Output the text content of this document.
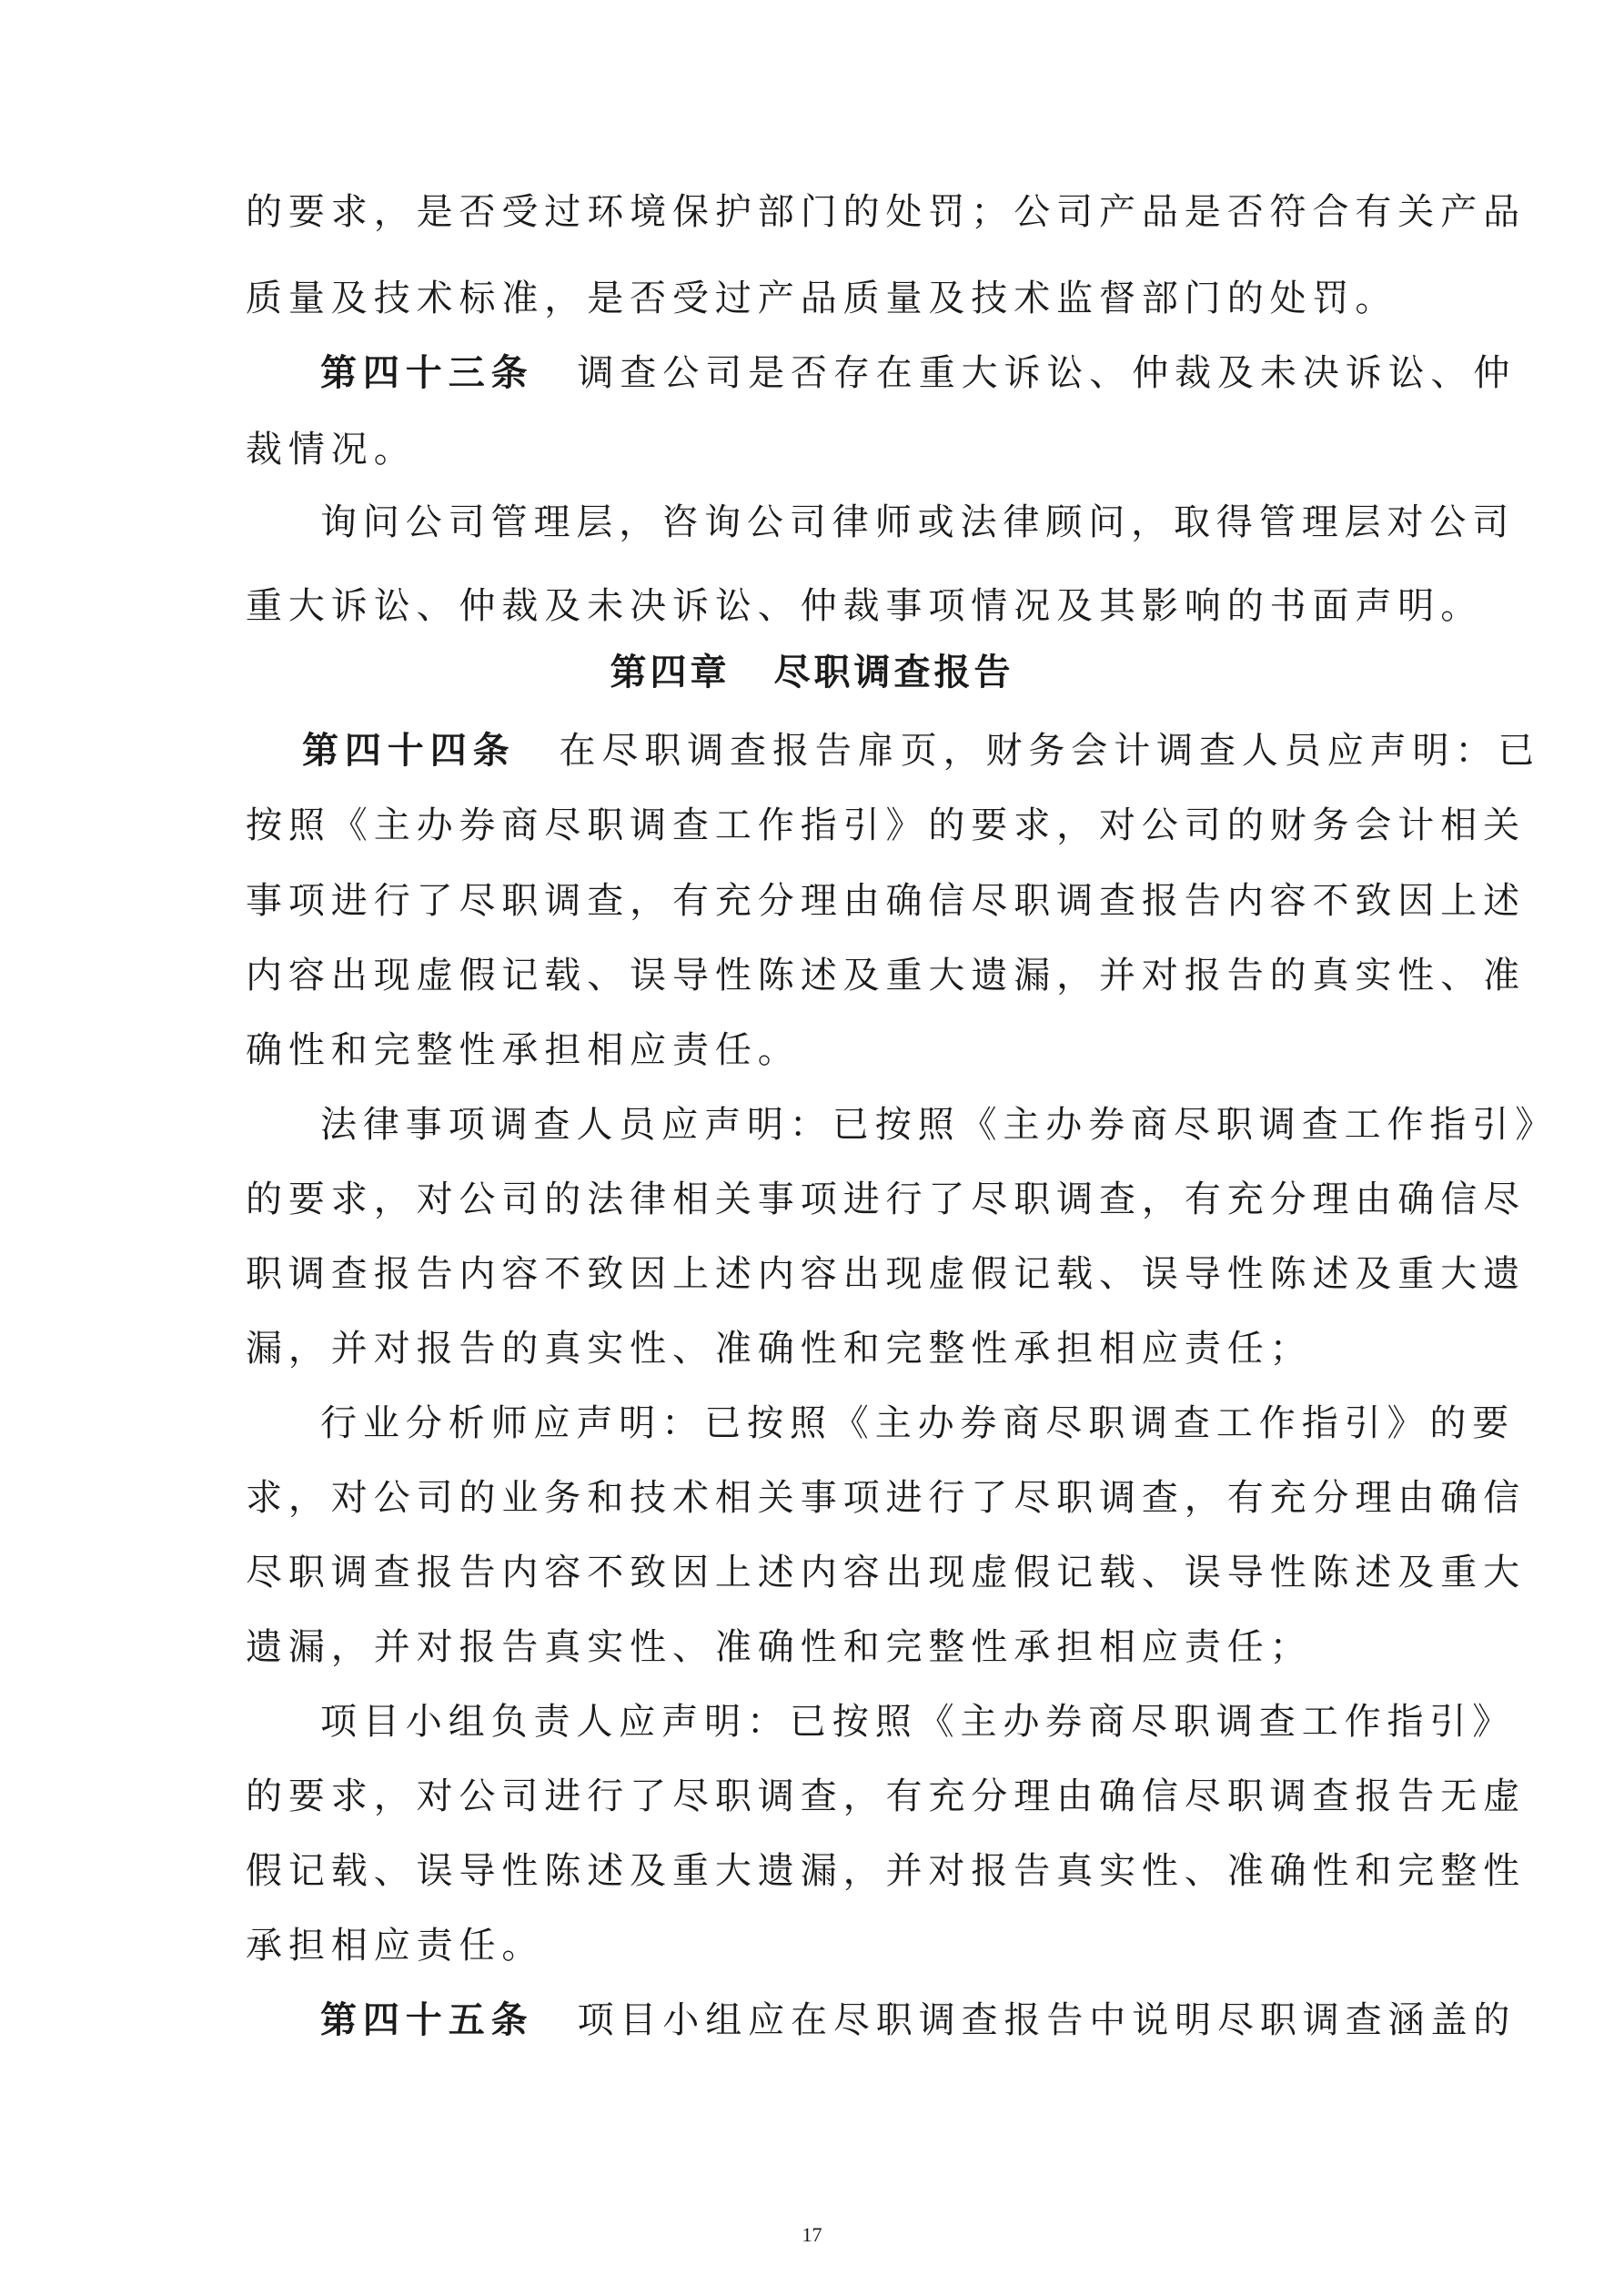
的要求，是否受过环境保护部门的处罚；公司产品是否符合有关产品
质量及技术标准，是否受过产品质量及技术监督部门的处罚。
第四十三条 调查公司是否存在重大诉讼、仲裁及未决诉讼、仲
裁情况。
询问公司管理层，咨询公司律师或法律顾问，取得管理层对公司
重大诉讼、仲裁及未决诉讼、仲裁事项情况及其影响的书面声明。
第四章 尽职调查报告
第四十四条 在尽职调查报告扉页，财务会计调查人员应声明：已
按照《主办券商尽职调查工作指引》的要求，对公司的财务会计相关
事项进行了尽职调查，有充分理由确信尽职调查报告内容不致因上述
内容出现虚假记载、误导性陈述及重大遗漏，并对报告的真实性、准
确性和完整性承担相应责任。
法律事项调查人员应声明：已按照《主办券商尽职调查工作指引》
的要求，对公司的法律相关事项进行了尽职调查，有充分理由确信尽
职调查报告内容不致因上述内容出现虚假记载、误导性陈述及重大遗
漏，并对报告的真实性、准确性和完整性承担相应责任；
行业分析师应声明：已按照《主办券商尽职调查工作指引》的要
求，对公司的业务和技术相关事项进行了尽职调查，有充分理由确信
尽职调查报告内容不致因上述内容出现虚假记载、误导性陈述及重大
遗漏，并对报告真实性、准确性和完整性承担相应责任；
项目小组负责人应声明：已按照《主办券商尽职调查工作指引》
的要求，对公司进行了尽职调查，有充分理由确信尽职调查报告无虚
假记载、误导性陈述及重大遗漏，并对报告真实性、准确性和完整性
承担相应责任。
第四十五条 项目小组应在尽职调查报告中说明尽职调查涵盖的
17
